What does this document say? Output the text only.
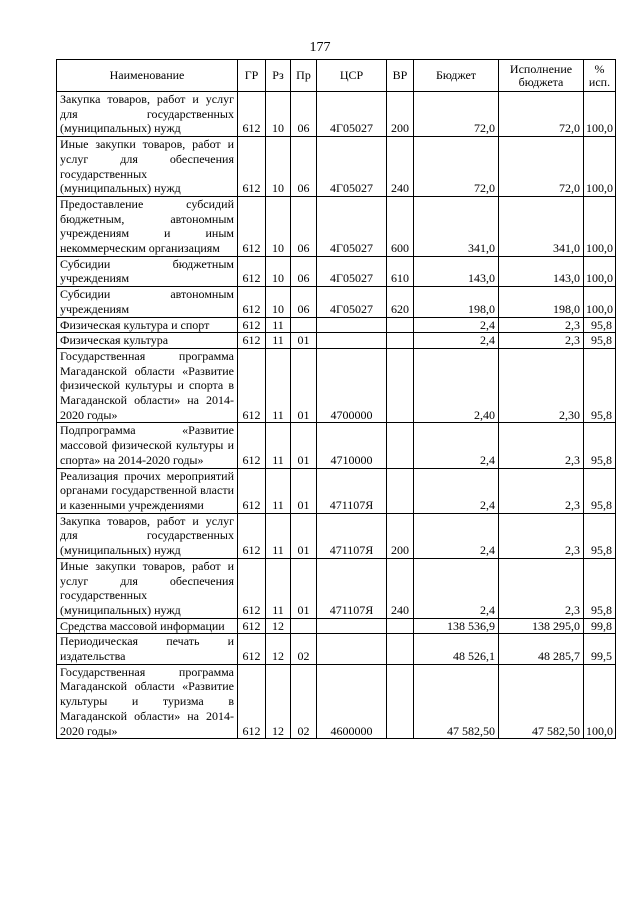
177
Наименование	ГР	Рз	Пр	ЦСР	ВР	Бюджет	Исполнение бюджета	% исп.
Закупка товаров, работ и услуг для государственных (муниципальных) нужд	612	10	06	4Г05027	200	72,0	72,0	100,0
Иные закупки товаров, работ и услуг для обеспечения государственных (муниципальных) нужд	612	10	06	4Г05027	240	72,0	72,0	100,0
Предоставление субсидий бюджетным, автономным учреждениям и иным некоммерческим организациям	612	10	06	4Г05027	600	341,0	341,0	100,0
Субсидии бюджетным учреждениям	612	10	06	4Г05027	610	143,0	143,0	100,0
Субсидии автономным учреждениям	612	10	06	4Г05027	620	198,0	198,0	100,0
Физическая культура и спорт	612	11				2,4	2,3	95,8
Физическая культура	612	11	01			2,4	2,3	95,8
Государственная программа Магаданской области «Развитие физической культуры и спорта в Магаданской области» на 2014-2020 годы»	612	11	01	4700000		2,40	2,30	95,8
Подпрограмма «Развитие массовой физической культуры и спорта» на 2014-2020 годы»	612	11	01	4710000		2,4	2,3	95,8
Реализация прочих мероприятий органами государственной власти и казенными учреждениями	612	11	01	471107Я		2,4	2,3	95,8
Закупка товаров, работ и услуг для государственных (муниципальных) нужд	612	11	01	471107Я	200	2,4	2,3	95,8
Иные закупки товаров, работ и услуг для обеспечения государственных (муниципальных) нужд	612	11	01	471107Я	240	2,4	2,3	95,8
Средства массовой информации	612	12				138 536,9	138 295,0	99,8
Периодическая печать и издательства	612	12	02			48 526,1	48 285,7	99,5
Государственная программа Магаданской области «Развитие культуры и туризма в Магаданской области» на 2014-2020 годы»	612	12	02	4600000		47 582,50	47 582,50	100,0
